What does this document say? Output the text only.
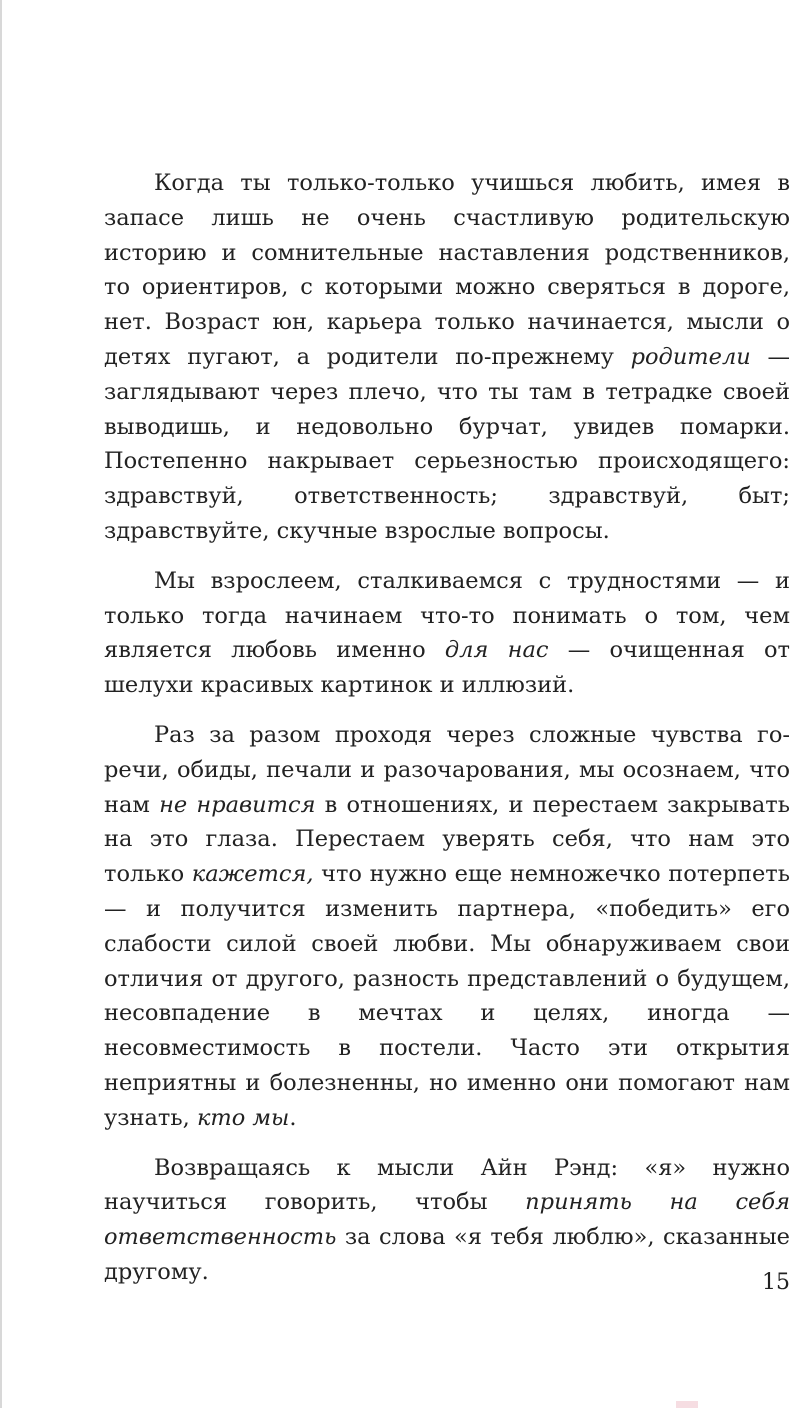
Когда ты только-только учишься любить, имея в запасе лишь не очень счастливую родительскую историю и сомнительные наставления родственников, то ориентиров, с которыми можно сверяться в дороге, нет. Возраст юн, карьера только начинается, мысли о детях пугают, а родители по-прежнему родители — заглядывают через плечо, что ты там в тетрадке своей выводишь, и недовольно бурчат, увидев помарки. Постепенно накрывает серьезностью происходящего: здравствуй, ответственность; здравствуй, быт; здравствуйте, скучные взрослые вопросы.

Мы взрослеем, сталкиваемся с трудностями — и только тогда начинаем что-то понимать о том, чем является любовь именно для нас — очищенная от шелухи красивых картинок и иллюзий.

Раз за разом проходя через сложные чувства горечи, обиды, печали и разочарования, мы осознаем, что нам не нравится в отношениях, и перестаем закрывать на это глаза. Перестаем уверять себя, что нам это только кажется, что нужно еще немножечко потерпеть — и получится изменить партнера, «победить» его слабости силой своей любви. Мы обнаруживаем свои отличия от другого, разность представлений о будущем, несовпадение в мечтах и целях, иногда — несовместимость в постели. Часто эти открытия неприятны и болезненны, но именно они помогают нам узнать, кто мы.

Возвращаясь к мысли Айн Рэнд: «я» нужно научиться говорить, чтобы принять на себя ответственность за слова «я тебя люблю», сказанные другому.	15
